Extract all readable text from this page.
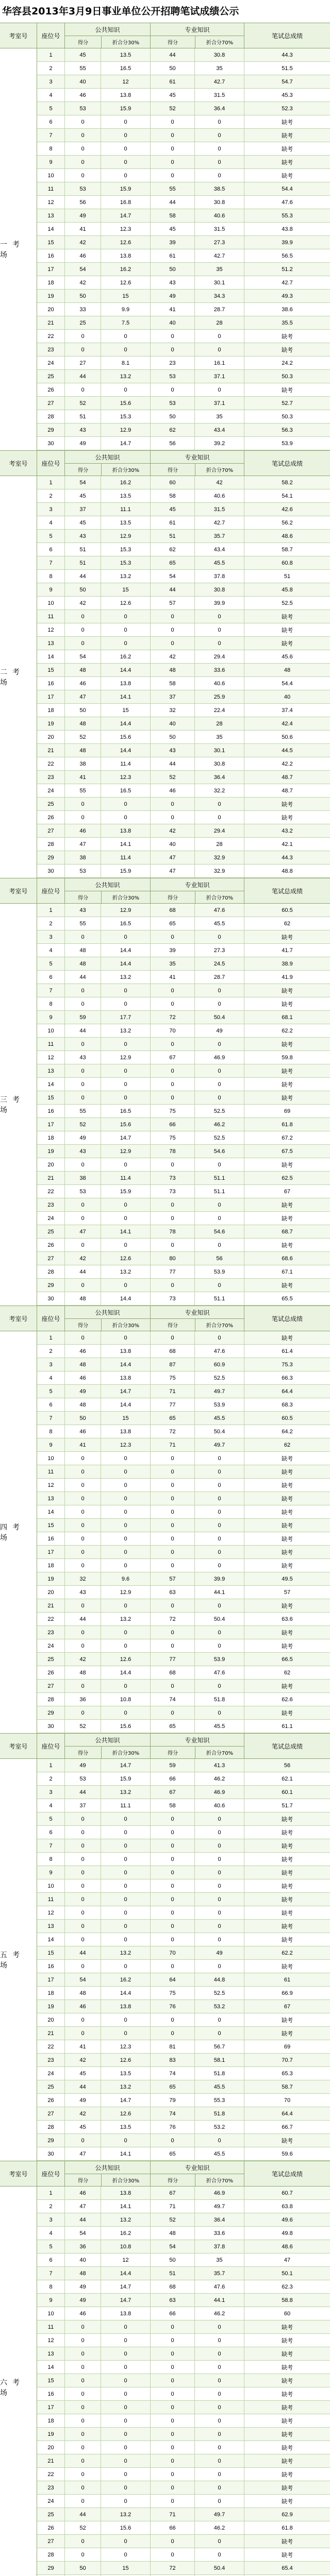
华容县2013年3月9日事业单位公开招聘笔试成绩公示
考室号	座位号
公共知识
得分	折合分30%
专业知识
得分	折合分70%
笔试总成绩
一考场
1	45	13.5	44	30.8	44.3
2	55	16.5	50	35	51.5
3	40	12	61	42.7	54.7
4	46	13.8	45	31.5	45.3
5	53	15.9	52	36.4	52.3
6	0	0	0	0	缺考
7	0	0	0	0	缺考
8	0	0	0	0	缺考
9	0	0	0	0	缺考
10	0	0	0	0	缺考
11	53	15.9	55	38.5	54.4
12	56	16.8	44	30.8	47.6
13	49	14.7	58	40.6	55.3
14	41	12.3	45	31.5	43.8
15	42	12.6	39	27.3	39.9
16	46	13.8	61	42.7	56.5
17	54	16.2	50	35	51.2
18	42	12.6	43	30.1	42.7
19	50	15	49	34.3	49.3
20	33	9.9	41	28.7	38.6
21	25	7.5	40	28	35.5
22	0	0	0	0	缺考
23	0	0	0	0	缺考
24	27	8.1	23	16.1	24.2
25	44	13.2	53	37.1	50.3
26	0	0	0	0	缺考
27	52	15.6	53	37.1	52.7
28	51	15.3	50	35	50.3
29	43	12.9	62	43.4	56.3
30	49	14.7	56	39.2	53.9
考室号	座位号
公共知识
得分	折合分30%
专业知识
得分	折合分70%
笔试总成绩
二考场
1	54	16.2	60	42	58.2
2	45	13.5	58	40.6	54.1
3	37	11.1	45	31.5	42.6
4	45	13.5	61	42.7	56.2
5	43	12.9	51	35.7	48.6
6	51	15.3	62	43.4	58.7
7	51	15.3	65	45.5	60.8
8	44	13.2	54	37.8	51
9	50	15	44	30.8	45.8
10	42	12.6	57	39.9	52.5
11	0	0	0	0	缺考
12	0	0	0	0	缺考
13	0	0	0	0	缺考
14	54	16.2	42	29.4	45.6
15	48	14.4	48	33.6	48
16	46	13.8	58	40.6	54.4
17	47	14.1	37	25.9	40
18	50	15	32	22.4	37.4
19	48	14.4	40	28	42.4
20	52	15.6	50	35	50.6
21	48	14.4	43	30.1	44.5
22	38	11.4	44	30.8	42.2
23	41	12.3	52	36.4	48.7
24	55	16.5	46	32.2	48.7
25	0	0	0	0	缺考
26	0	0	0	0	缺考
27	46	13.8	42	29.4	43.2
28	47	14.1	40	28	42.1
29	38	11.4	47	32.9	44.3
30	53	15.9	47	32.9	48.8
考室号	座位号
公共知识
得分	折合分30%
专业知识
得分	折合分70%
笔试总成绩
三考场
1	43	12.9	68	47.6	60.5
2	55	16.5	65	45.5	62
3	0	0	0	0	缺考
4	48	14.4	39	27.3	41.7
5	48	14.4	35	24.5	38.9
6	44	13.2	41	28.7	41.9
7	0	0	0	0	缺考
8	0	0	0	0	缺考
9	59	17.7	72	50.4	68.1
10	44	13.2	70	49	62.2
11	0	0	0	0	缺考
12	43	12.9	67	46.9	59.8
13	0	0	0	0	缺考
14	0	0	0	0	缺考
15	0	0	0	0	缺考
16	55	16.5	75	52.5	69
17	52	15.6	66	46.2	61.8
18	49	14.7	75	52.5	67.2
19	43	12.9	78	54.6	67.5
20	0	0	0	0	缺考
21	38	11.4	73	51.1	62.5
22	53	15.9	73	51.1	67
23	0	0	0	0	缺考
24	0	0	0	0	缺考
25	47	14.1	78	54.6	68.7
26	0	0	0	0	缺考
27	42	12.6	80	56	68.6
28	44	13.2	77	53.9	67.1
29	0	0	0	0	缺考
30	48	14.4	73	51.1	65.5
考室号	座位号
公共知识
得分	折合分30%
专业知识
得分	折合分70%
笔试总成绩
四考场
1	0	0	0	0	缺考
2	46	13.8	68	47.6	61.4
3	48	14.4	87	60.9	75.3
4	46	13.8	75	52.5	66.3
5	49	14.7	71	49.7	64.4
6	48	14.4	77	53.9	68.3
7	50	15	65	45.5	60.5
8	46	13.8	72	50.4	64.2
9	41	12.3	71	49.7	62
10	0	0	0	0	缺考
11	0	0	0	0	缺考
12	0	0	0	0	缺考
13	0	0	0	0	缺考
14	0	0	0	0	缺考
15	0	0	0	0	缺考
16	0	0	0	0	缺考
17	0	0	0	0	缺考
18	0	0	0	0	缺考
19	32	9.6	57	39.9	49.5
20	43	12.9	63	44.1	57
21	0	0	0	0	缺考
22	44	13.2	72	50.4	63.6
23	0	0	0	0	缺考
24	0	0	0	0	缺考
25	42	12.6	77	53.9	66.5
26	48	14.4	68	47.6	62
27	0	0	0	0	缺考
28	36	10.8	74	51.8	62.6
29	0	0	0	0	缺考
30	52	15.6	65	45.5	61.1
考室号	座位号
公共知识
得分	折合分30%
专业知识
得分	折合分70%
笔试总成绩
五考场
1	49	14.7	59	41.3	56
2	53	15.9	66	46.2	62.1
3	44	13.2	67	46.9	60.1
4	37	11.1	58	40.6	51.7
5	0	0	0	0	缺考
6	0	0	0	0	缺考
7	0	0	0	0	缺考
8	0	0	0	0	缺考
9	0	0	0	0	缺考
10	0	0	0	0	缺考
11	0	0	0	0	缺考
12	0	0	0	0	缺考
13	0	0	0	0	缺考
14	0	0	0	0	缺考
15	44	13.2	70	49	62.2
16	0	0	0	0	缺考
17	54	16.2	64	44.8	61
18	48	14.4	75	52.5	66.9
19	46	13.8	76	53.2	67
20	0	0	0	0	缺考
21	0	0	0	0	缺考
22	41	12.3	81	56.7	69
23	42	12.6	83	58.1	70.7
24	45	13.5	74	51.8	65.3
25	44	13.2	65	45.5	58.7
26	49	14.7	79	55.3	70
27	42	12.6	74	51.8	64.4
28	45	13.5	76	53.2	66.7
29	0	0	0	0	缺考
30	47	14.1	65	45.5	59.6
考室号	座位号
公共知识
得分	折合分30%
专业知识
得分	折合分70%
笔试总成绩
六考场
1	46	13.8	67	46.9	60.7
2	47	14.1	71	49.7	63.8
3	44	13.2	52	36.4	49.6
4	54	16.2	48	33.6	49.8
5	36	10.8	54	37.8	48.6
6	40	12	50	35	47
7	48	14.4	51	35.7	50.1
8	49	14.7	68	47.6	62.3
9	49	14.7	63	44.1	58.8
10	46	13.8	66	46.2	60
11	0	0	0	0	缺考
12	0	0	0	0	缺考
13	0	0	0	0	缺考
14	0	0	0	0	缺考
15	0	0	0	0	缺考
16	0	0	0	0	缺考
17	0	0	0	0	缺考
18	0	0	0	0	缺考
19	0	0	0	0	缺考
20	0	0	0	0	缺考
21	0	0	0	0	缺考
22	0	0	0	0	缺考
23	0	0	0	0	缺考
24	0	0	0	0	缺考
25	44	13.2	71	49.7	62.9
26	52	15.6	66	46.2	61.8
27	0	0	0	0	缺考
28	0	0	0	0	缺考
29	50	15	72	50.4	65.4
